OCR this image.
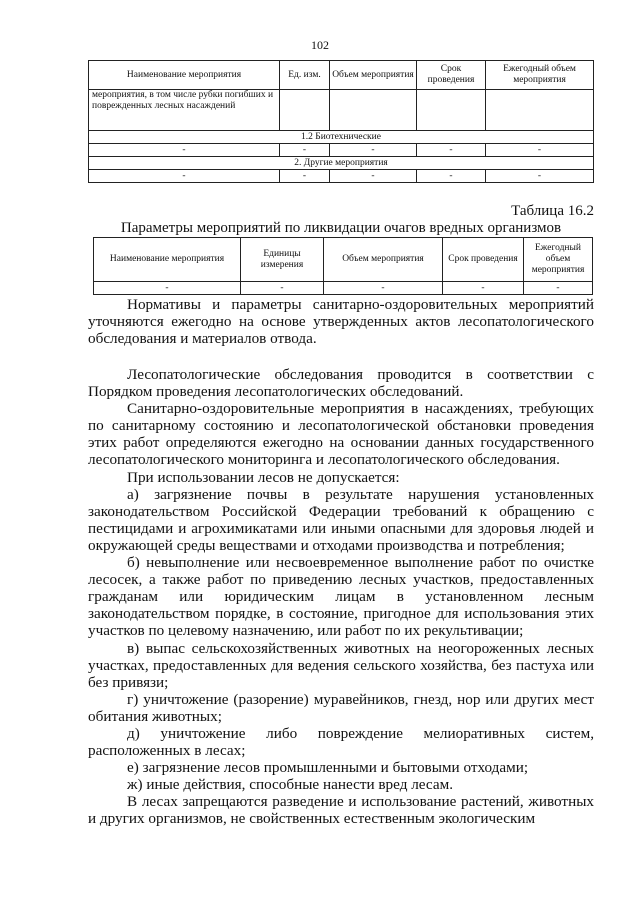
102
Наименование мероприятия	Ед. изм.	Объем мероприятия	Срок проведения	Ежегодный объем мероприятия
мероприятия, в том числе рубки погибших и поврежденных лесных насаждений				
1.2 Биотехнические				
-	-	-	-	-
2. Другие мероприятия				
-	-	-	-	-
Таблица 16.2
Параметры мероприятий по ликвидации очагов вредных организмов
Наименование мероприятия	Единицы измерения	Объем мероприятия	Срок проведения	Ежегодный объем мероприятия
-	-	-	-	-

Нормативы и параметры санитарно-оздоровительных мероприятий уточняются ежегодно на основе утвержденных актов лесопатологического обследования и материалов отвода.

Лесопатологические обследования проводится в соответствии с Порядком проведения лесопатологических обследований.

Санитарно-оздоровительные мероприятия в насаждениях, требующих по санитарному состоянию и лесопатологической обстановки проведения этих работ определяются ежегодно на основании данных государственного лесопатологического мониторинга и лесопатологического обследования.

При использовании лесов не допускается:

а) загрязнение почвы в результате нарушения установленных законодательством Российской Федерации требований к обращению с пестицидами и агрохимикатами или иными опасными для здоровья людей и окружающей среды веществами и отходами производства и потребления;

б) невыполнение или несвоевременное выполнение работ по очистке лесосек, а также работ по приведению лесных участков, предоставленных гражданам или юридическим лицам в установленном лесным законодательством порядке, в состояние, пригодное для использования этих участков по целевому назначению, или работ по их рекультивации;

в) выпас сельскохозяйственных животных на неогороженных лесных участках, предоставленных для ведения сельского хозяйства, без пастуха или без привязи;

г) уничтожение (разорение) муравейников, гнезд, нор или других мест обитания животных;

д) уничтожение либо повреждение мелиоративных систем, расположенных в лесах;

е) загрязнение лесов промышленными и бытовыми отходами;

ж) иные действия, способные нанести вред лесам.

В лесах запрещаются разведение и использование растений, животных и других организмов, не свойственных естественным экологическим
